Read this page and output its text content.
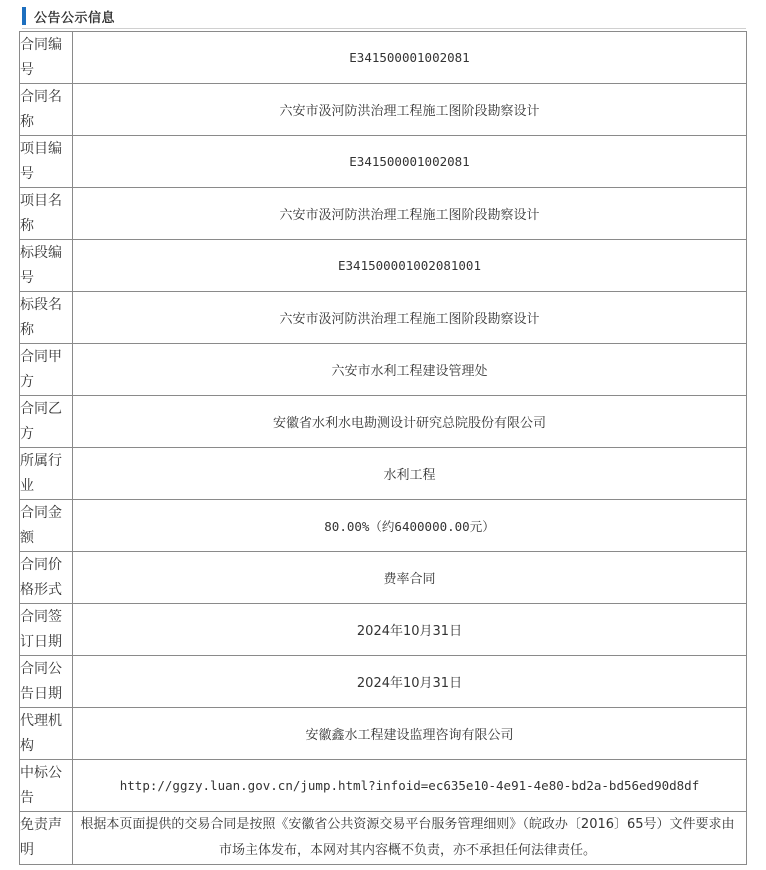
公告公示信息
合同编号	E341500001002081
合同名称	六安市汲河防洪治理工程施工图阶段勘察设计
项目编号	E341500001002081
项目名称	六安市汲河防洪治理工程施工图阶段勘察设计
标段编号	E341500001002081001
标段名称	六安市汲河防洪治理工程施工图阶段勘察设计
合同甲方	六安市水利工程建设管理处
合同乙方	安徽省水利水电勘测设计研究总院股份有限公司
所属行业	水利工程
合同金额	80.00%（约6400000.00元）
合同价格形式	费率合同
合同签订日期	2024年10月31日
合同公告日期	2024年10月31日
代理机构	安徽鑫水工程建设监理咨询有限公司
中标公告	http://ggzy.luan.gov.cn/jump.html?infoid=ec635e10-4e91-4e80-bd2a-bd56ed90d8df
免责声明	根据本页面提供的交易合同是按照《安徽省公共资源交易平台服务管理细则》（皖政办〔2016〕65号）文件要求由市场主体发布，本网对其内容概不负责，亦不承担任何法律责任。
